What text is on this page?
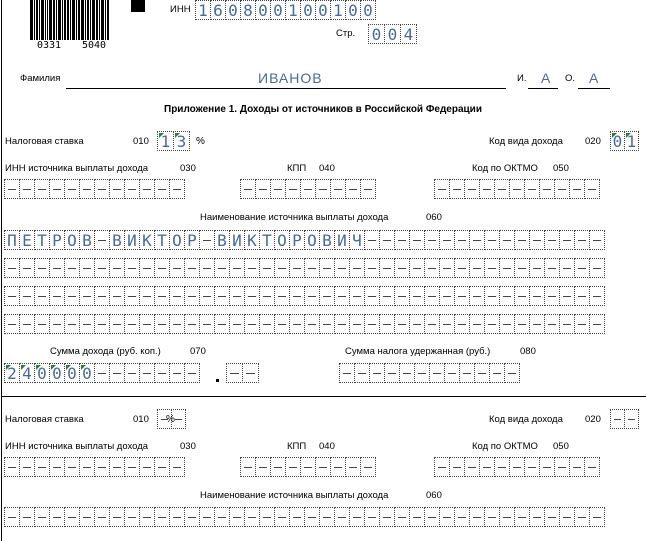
0331 5040
ИНН 1 6 0 8 0 0 1 0 0 1 0 0
Стр. 0 0 4
Фамилия	ИВАНОВ	И. А О. А
Приложение 1. Доходы от источников в Российской Федерации
Налоговая ставка	010 1 3 %	Код вида дохода 020 0 1
ИНН источника выплаты дохода	030	КПП 040	Код по ОКТМО 050
Наименование источника выплаты дохода	060
П Е Т Р О В В И К Т О Р В И К Т О Р О В И Ч
Сумма дохода (руб. коп.)	070	Сумма налога удержанная (руб.)	080
2 4 0 0 0 0
Налоговая ставка	010 %	Код вида дохода 020
ИНН источника выплаты дохода	030	КПП 040	Код по ОКТМО 050
Наименование источника выплаты дохода	060
